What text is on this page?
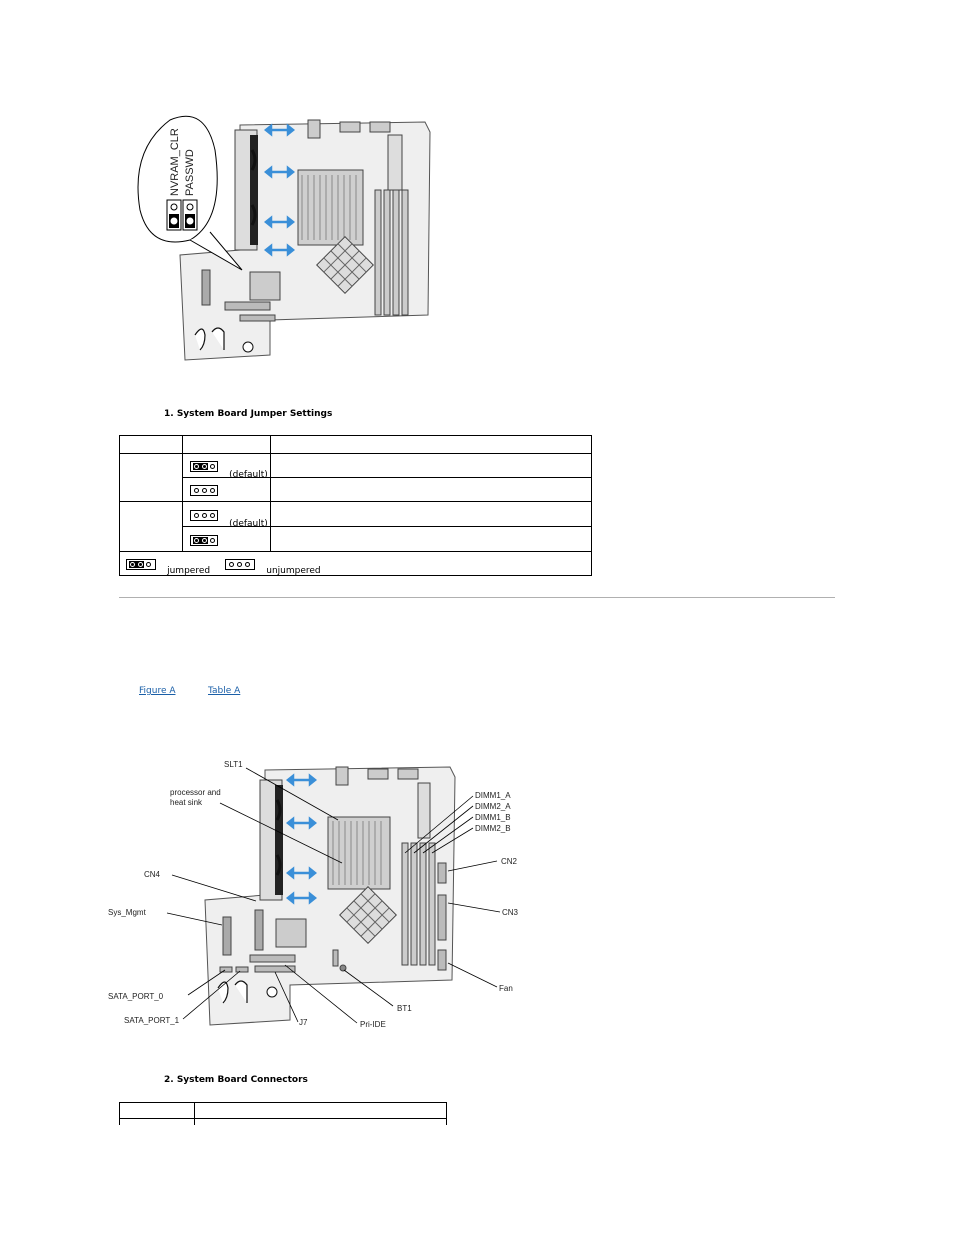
NVRAM_CLR PASSWD
1. System Board Jumper Settings

$_{(default)}$	

$_{(default)}$	

$_{jumpered}$ $_{unjumpered}$
Figure A	Table A
SLT1
processor and
heat sink
CN4
Sys_Mgmt
SATA_PORT_0
SATA_PORT_1	J7	Pri-IDE
BT1
Fan
CN3
CN2
DIMM1_A
DIMM2_A
DIMM1_B
DIMM2_B
2. System Board Connectors
